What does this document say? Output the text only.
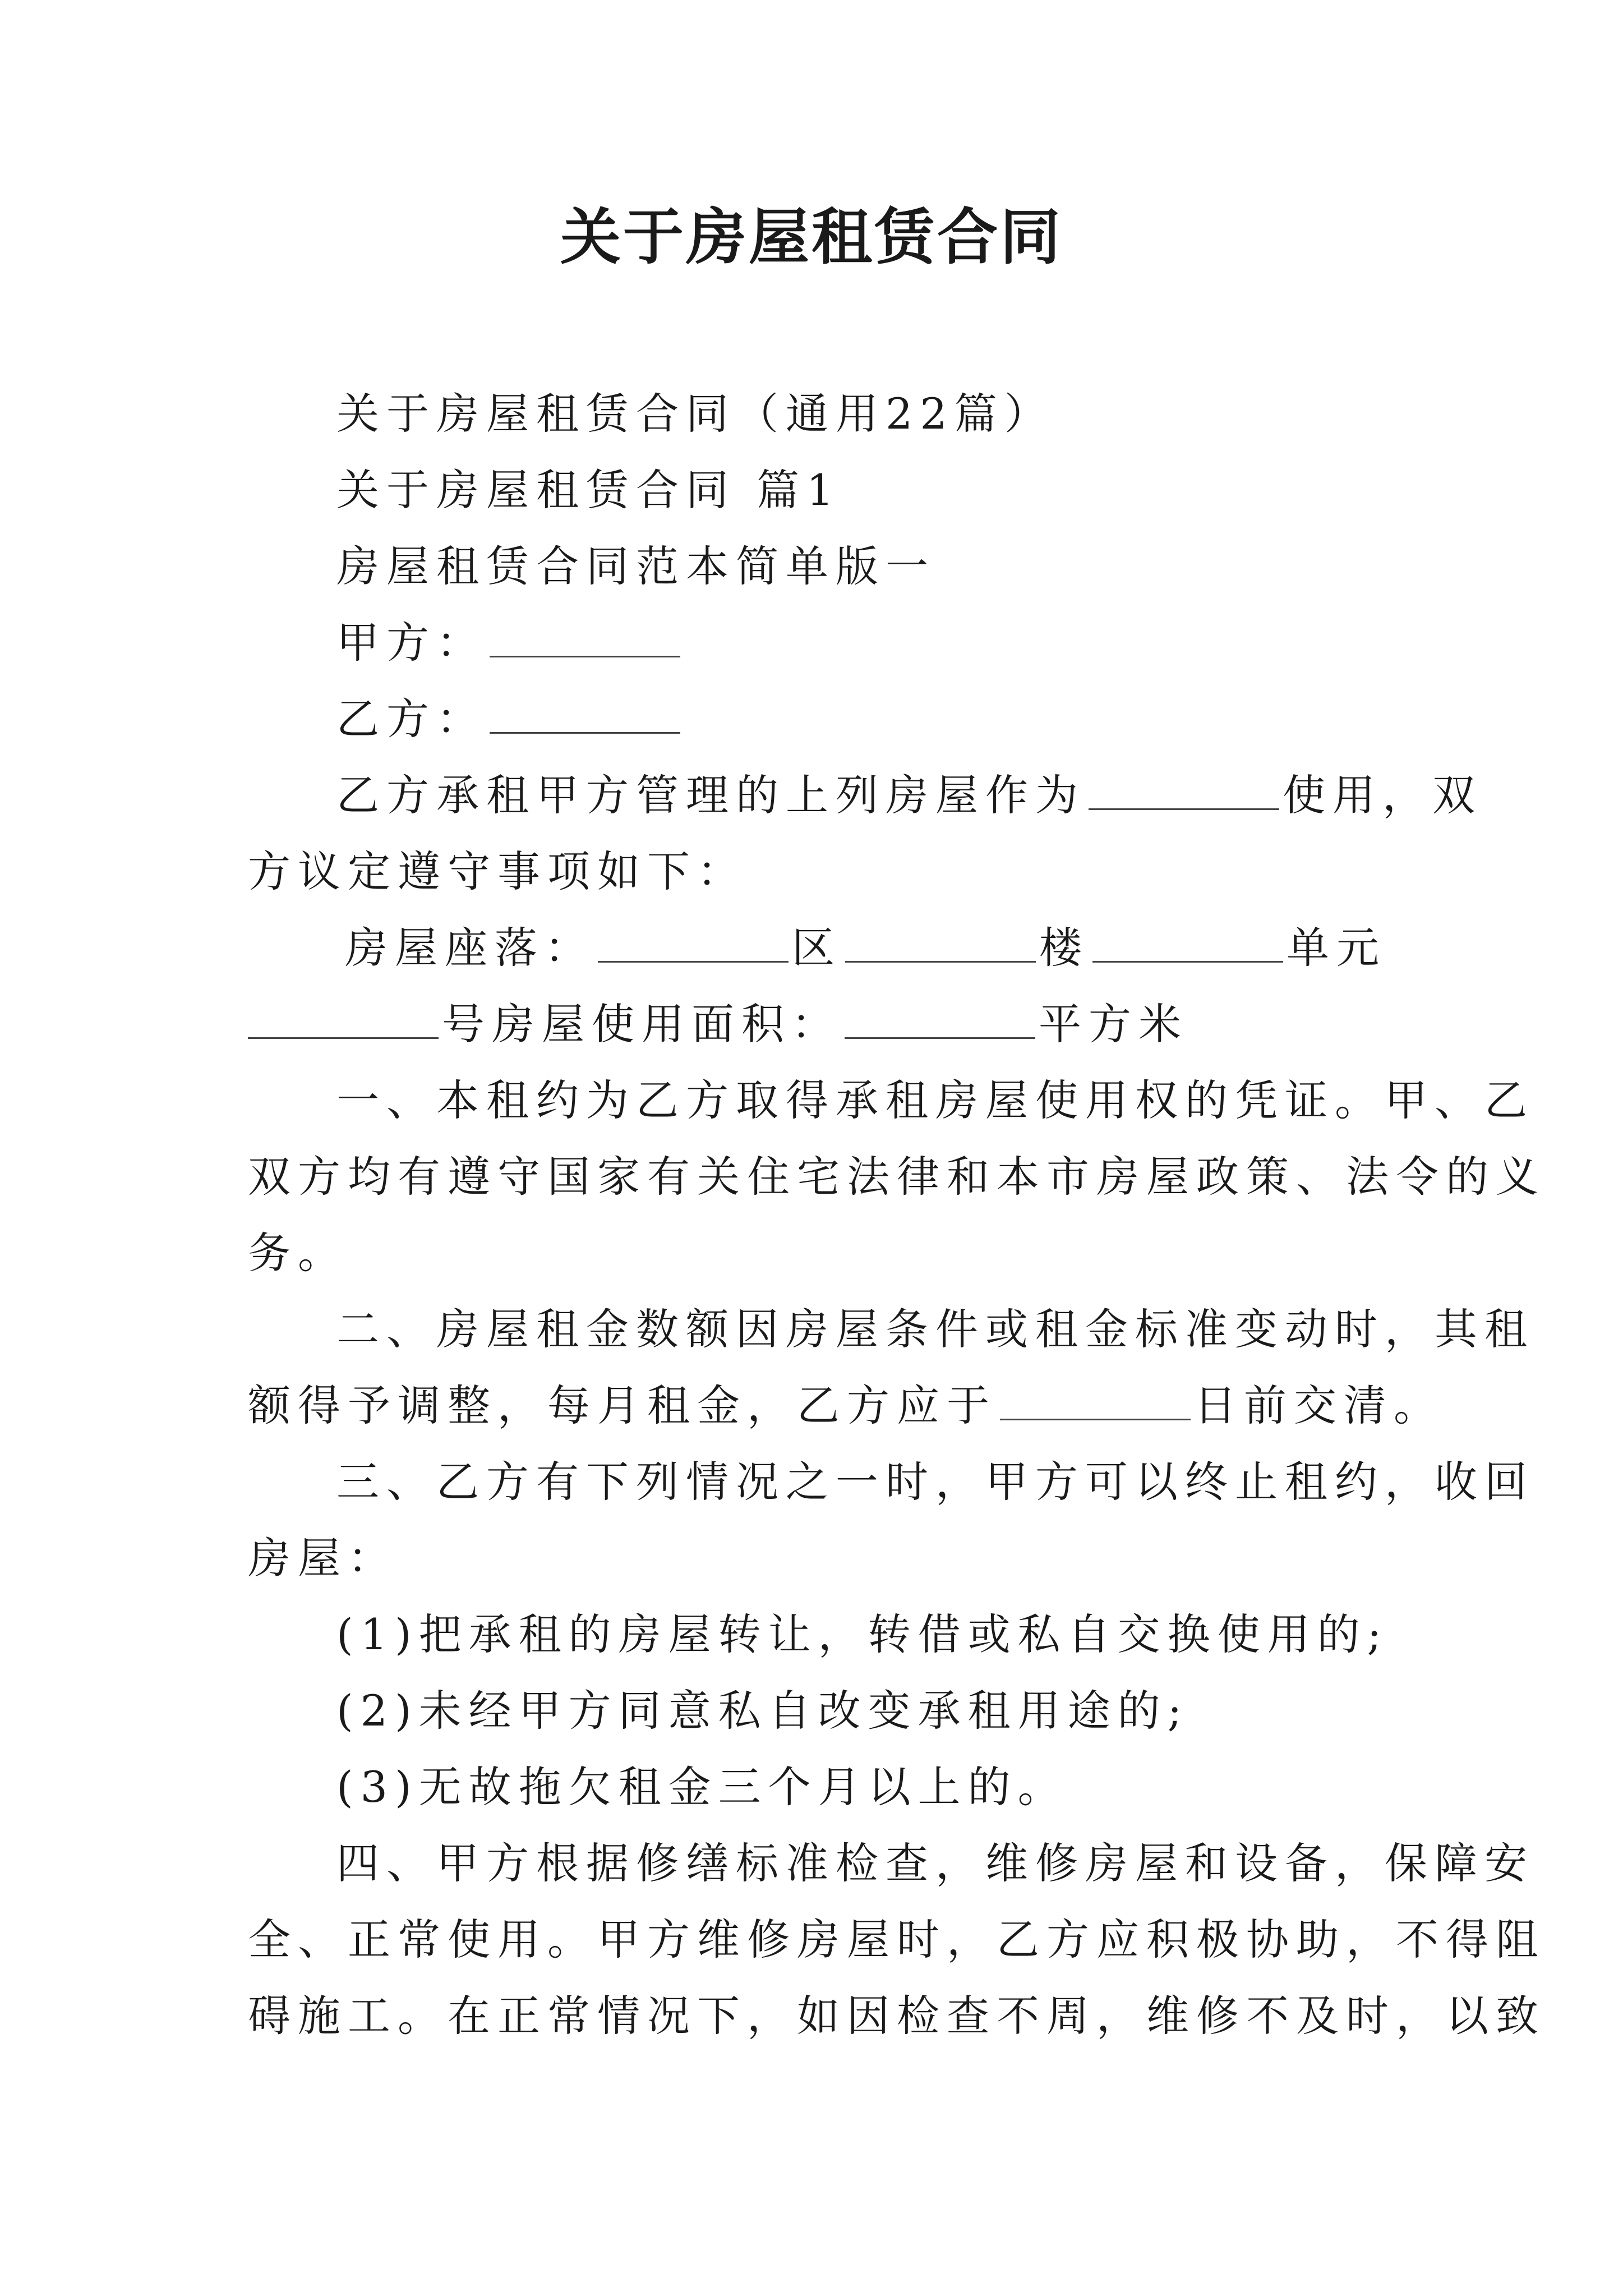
关于房屋租赁合同
关于房屋租赁合同（通用22篇）
关于房屋租赁合同 篇1
房屋租赁合同范本简单版一
甲方：
乙方：
乙方承租甲方管理的上列房屋作为	使用，双
方议定遵守事项如下：
房屋座落：	区	楼	单元
号房屋使用面积：	平方米
一、本租约为乙方取得承租房屋使用权的凭证。甲、乙
双方均有遵守国家有关住宅法律和本市房屋政策、法令的义
务。
二、房屋租金数额因房屋条件或租金标准变动时，其租
额得予调整，每月租金，乙方应于	日前交清。
三、乙方有下列情况之一时，甲方可以终止租约，收回
房屋：
(1)把承租的房屋转让，转借或私自交换使用的;
(2)未经甲方同意私自改变承租用途的;
(3)无故拖欠租金三个月以上的。
四、甲方根据修缮标准检查，维修房屋和设备，保障安
全、正常使用。甲方维修房屋时，乙方应积极协助，不得阻
碍施工。在正常情况下，如因检查不周，维修不及时，以致
